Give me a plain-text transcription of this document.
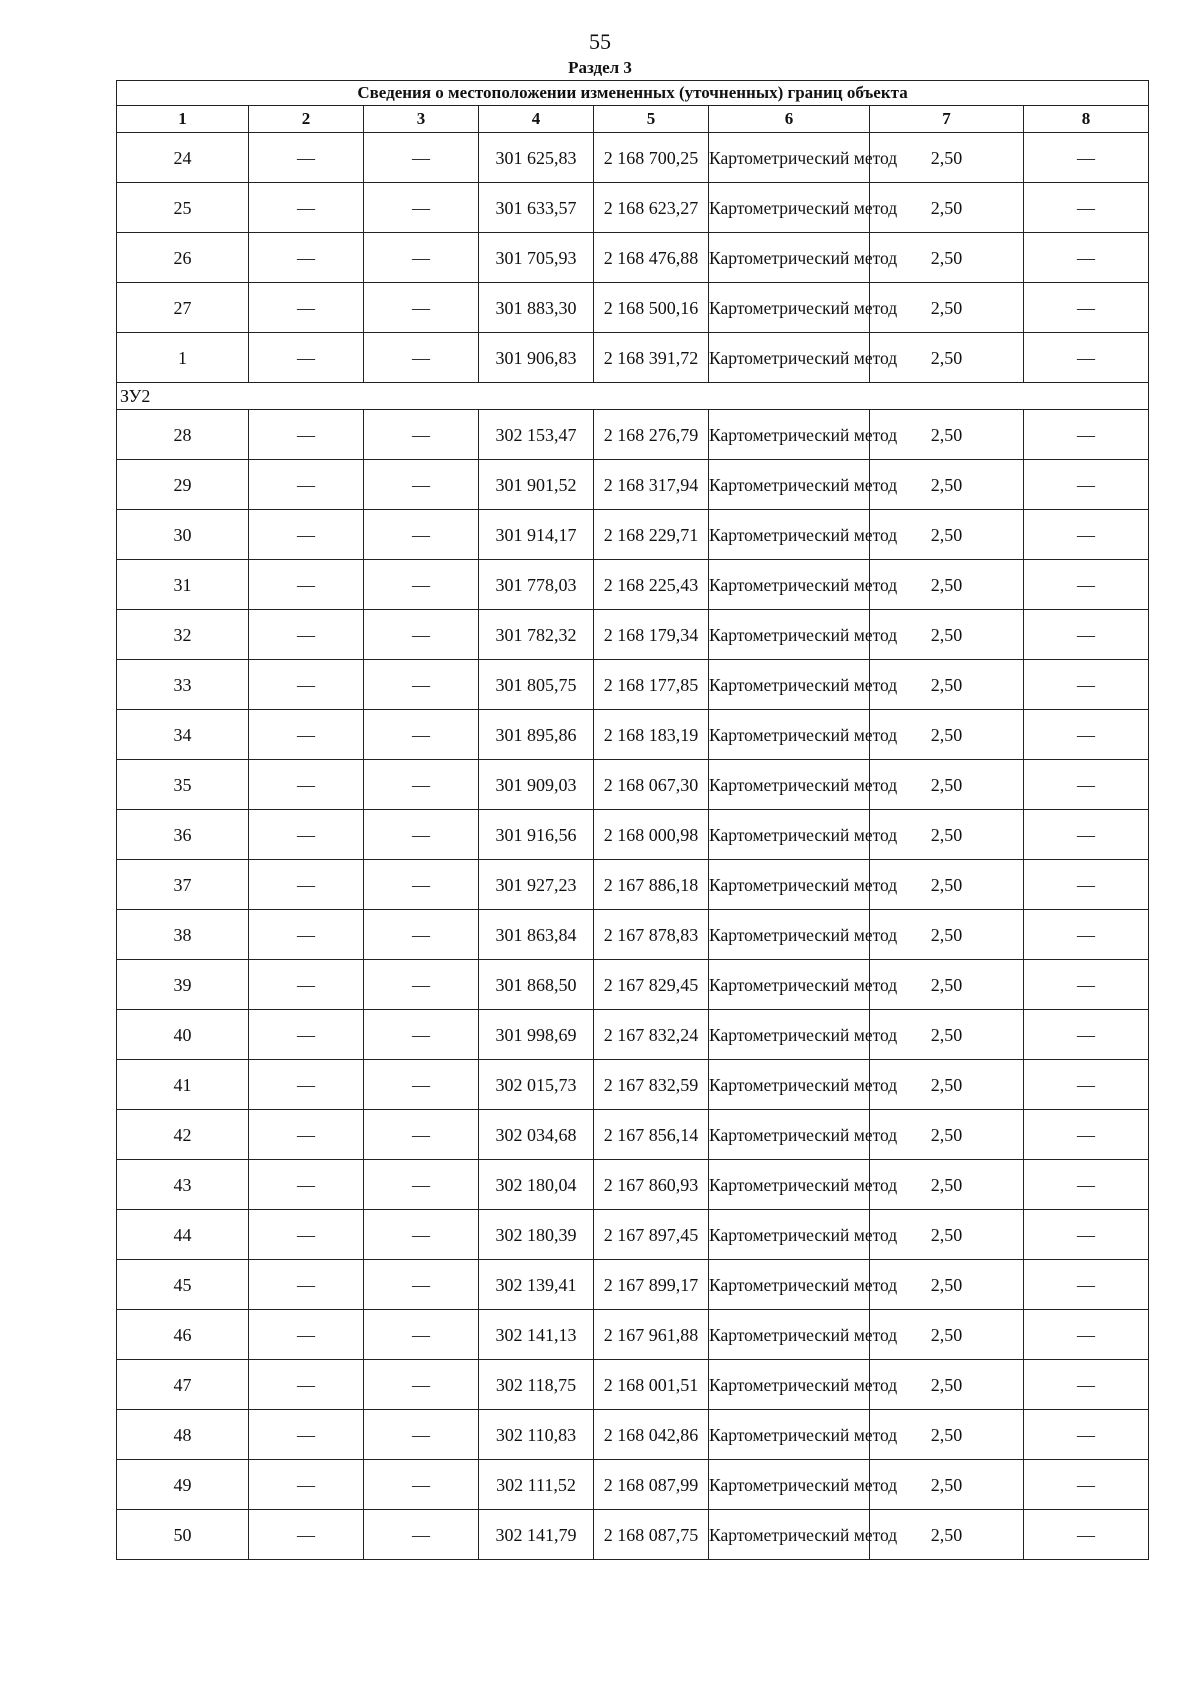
55
Раздел 3
Сведения о местоположении измененных (уточненных) границ объекта							
1	2	3	4	5	6	7	8
24	—	—	301 625,83	2 168 700,25	Картометрический метод	2,50	—
25	—	—	301 633,57	2 168 623,27	Картометрический метод	2,50	—
26	—	—	301 705,93	2 168 476,88	Картометрический метод	2,50	—
27	—	—	301 883,30	2 168 500,16	Картометрический метод	2,50	—
1	—	—	301 906,83	2 168 391,72	Картометрический метод	2,50	—
ЗУ2							
28	—	—	302 153,47	2 168 276,79	Картометрический метод	2,50	—
29	—	—	301 901,52	2 168 317,94	Картометрический метод	2,50	—
30	—	—	301 914,17	2 168 229,71	Картометрический метод	2,50	—
31	—	—	301 778,03	2 168 225,43	Картометрический метод	2,50	—
32	—	—	301 782,32	2 168 179,34	Картометрический метод	2,50	—
33	—	—	301 805,75	2 168 177,85	Картометрический метод	2,50	—
34	—	—	301 895,86	2 168 183,19	Картометрический метод	2,50	—
35	—	—	301 909,03	2 168 067,30	Картометрический метод	2,50	—
36	—	—	301 916,56	2 168 000,98	Картометрический метод	2,50	—
37	—	—	301 927,23	2 167 886,18	Картометрический метод	2,50	—
38	—	—	301 863,84	2 167 878,83	Картометрический метод	2,50	—
39	—	—	301 868,50	2 167 829,45	Картометрический метод	2,50	—
40	—	—	301 998,69	2 167 832,24	Картометрический метод	2,50	—
41	—	—	302 015,73	2 167 832,59	Картометрический метод	2,50	—
42	—	—	302 034,68	2 167 856,14	Картометрический метод	2,50	—
43	—	—	302 180,04	2 167 860,93	Картометрический метод	2,50	—
44	—	—	302 180,39	2 167 897,45	Картометрический метод	2,50	—
45	—	—	302 139,41	2 167 899,17	Картометрический метод	2,50	—
46	—	—	302 141,13	2 167 961,88	Картометрический метод	2,50	—
47	—	—	302 118,75	2 168 001,51	Картометрический метод	2,50	—
48	—	—	302 110,83	2 168 042,86	Картометрический метод	2,50	—
49	—	—	302 111,52	2 168 087,99	Картометрический метод	2,50	—
50	—	—	302 141,79	2 168 087,75	Картометрический метод	2,50	—
